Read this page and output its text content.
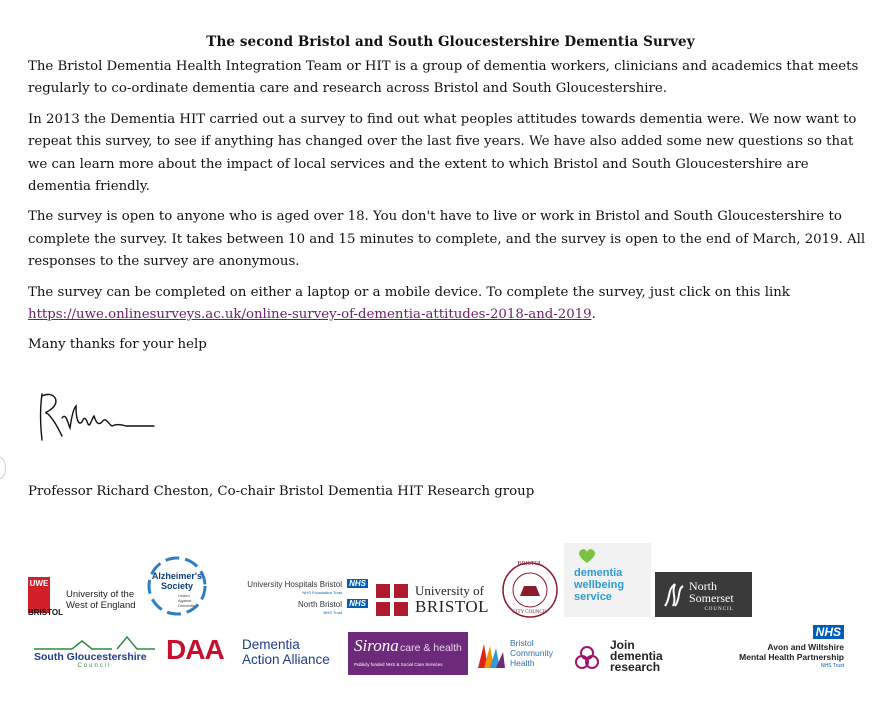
The second Bristol and South Gloucestershire Dementia Survey

The Bristol Dementia Health Integration Team or HIT is a group of dementia workers, clinicians and academics that meets regularly to co-ordinate dementia care and research across Bristol and South Gloucestershire.

In 2013 the Dementia HIT carried out a survey to find out what peoples attitudes towards dementia were. We now want to repeat this survey, to see if anything has changed over the last five years. We have also added some new questions so that we can learn more about the impact of local services and the extent to which Bristol and South Gloucestershire are dementia friendly.

The survey is open to anyone who is aged over 18. You don't have to live or work in Bristol and South Gloucestershire to complete the survey. It takes between 10 and 15 minutes to complete, and the survey is open to the end of March, 2019. All responses to the survey are anonymous.

The survey can be completed on either a laptop or a mobile device. To complete the survey, just click on this link https://uwe.onlinesurveys.ac.uk/online-survey-of-dementia-attitudes-2018-and-2019.

Many thanks for your help

Professor Richard Cheston, Co-chair Bristol Dementia HIT Research group
UWE
University of the
West of England
BRISTOL
Alzheimer's
Society
United
Against
Dementia
University Hospitals Bristol NHS
NHS Foundation Trust
North Bristol NHS
NHS Trust
University of
BRISTOL
BRISTOL
CITY COUNCIL
dementia
wellbeing
service
North
Somerset
COUNCIL
South Gloucestershire
Council
DAA Dementia
Action Alliance
Sirona care & health
Publicly funded NHS & Social Care Services
Bristol
Community
Health
Join
dementia
research
NHS
Avon and Wiltshire
Mental Health Partnership
NHS Trust
